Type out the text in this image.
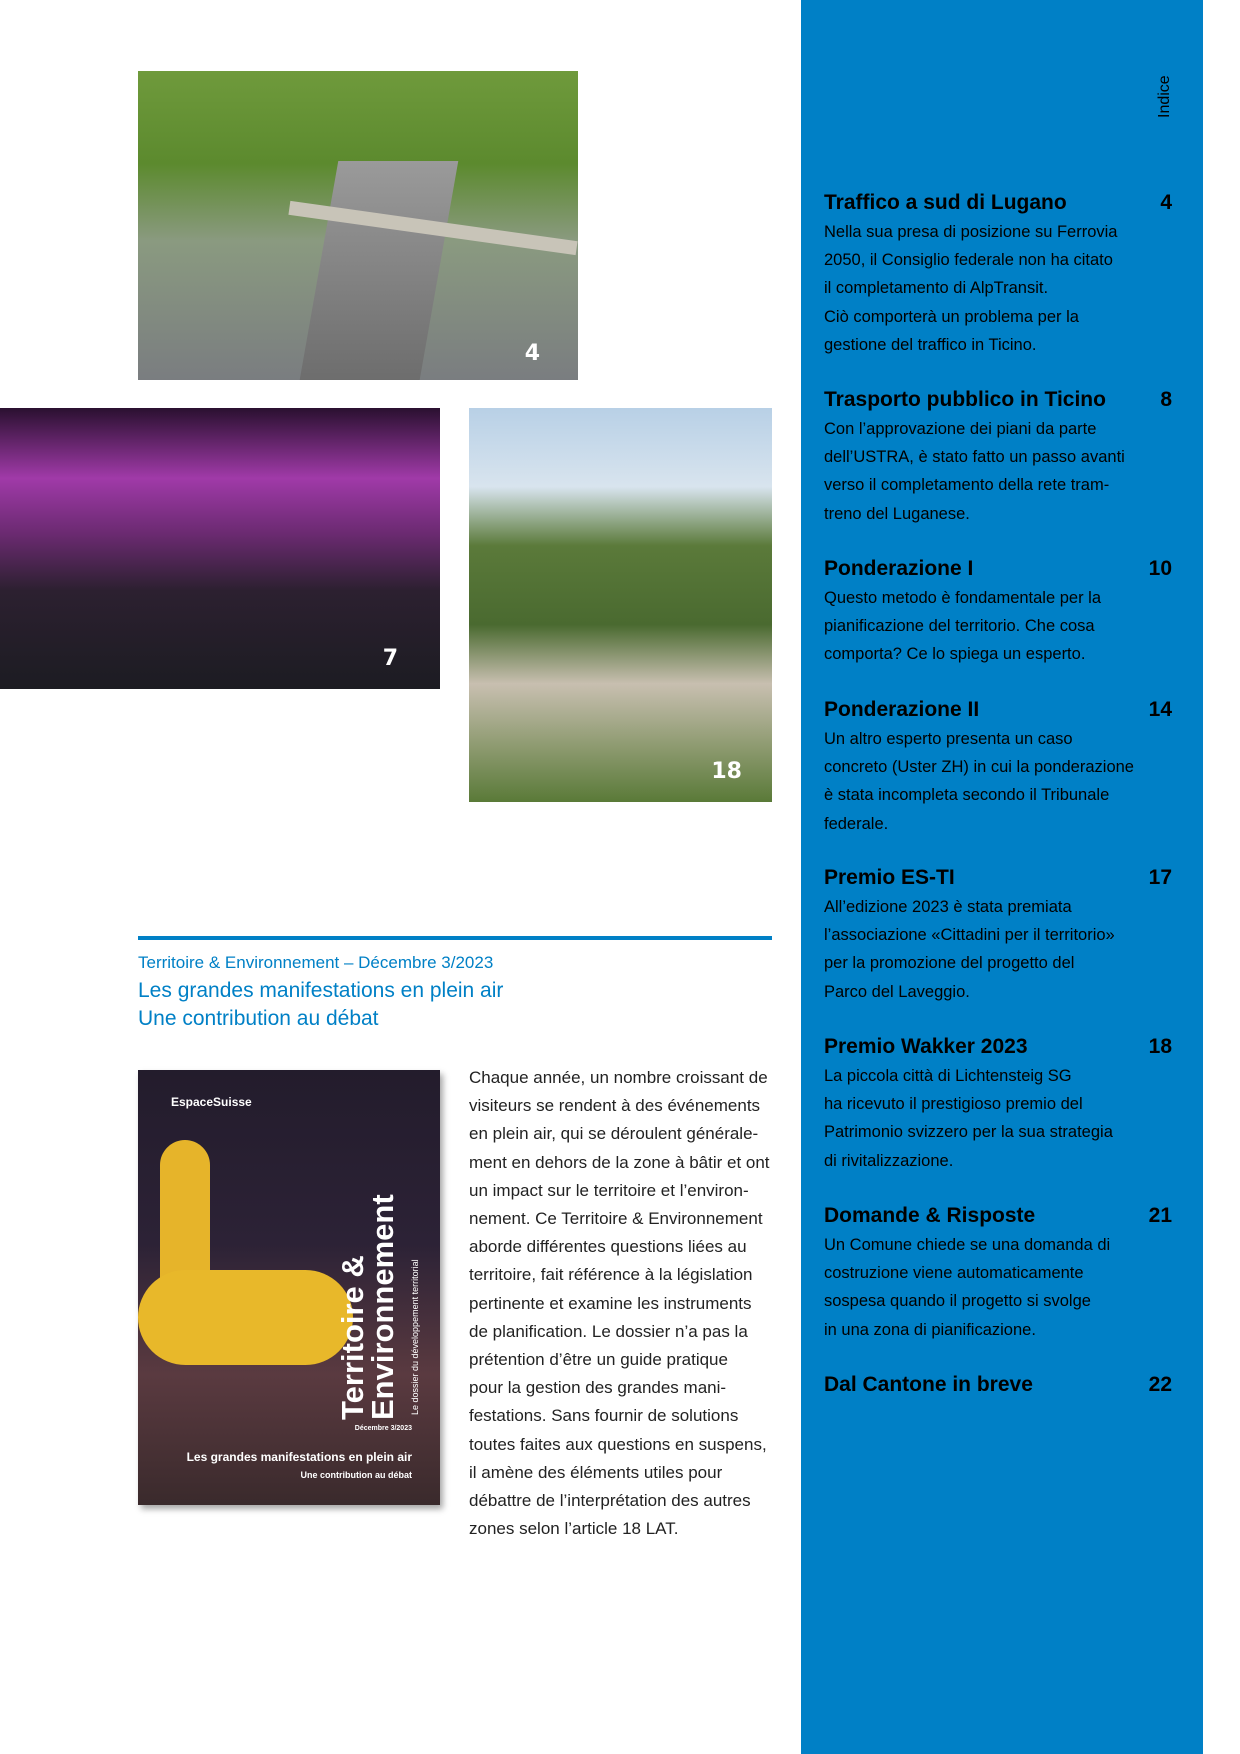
4
7
18
Territoire & Environnement – Décembre 3/2023
Les grandes manifestations en plein air
Une contribution au débat
EspaceSuisse
Territoire &
Environnement Le dossier du développement territorial
Décembre 3/2023
Les grandes manifestations en plein air
Une contribution au débat
Chaque année, un nombre croissant de
visiteurs se rendent à des événements
en plein air, qui se déroulent générale-
ment en dehors de la zone à bâtir et ont
un impact sur le territoire et l’environ-
nement. Ce Territoire & Environnement
aborde différentes questions liées au
territoire, fait référence à la législation
pertinente et examine les instruments
de planification. Le dossier n’a pas la
prétention d’être un guide pratique
pour la gestion des grandes mani-
festations. Sans fournir de solutions
toutes faites aux questions en suspens,
il amène des éléments utiles pour
débattre de l’interprétation des autres
zones selon l’article 18 LAT.
Indice
Traffico a sud di Lugano	4
Nella sua presa di posizione su Ferrovia
2050, il Consiglio federale non ha citato
il completamento di AlpTransit.
Ciò comporterà un problema per la
gestione del traffico in Ticino.
Trasporto pubblico in Ticino	8
Con l’approvazione dei piani da parte
dell’USTRA, è stato fatto un passo avanti
verso il completamento della rete tram-
treno del Luganese.
Ponderazione I	10
Questo metodo è fondamentale per la
pianificazione del territorio. Che cosa
comporta? Ce lo spiega un esperto.
Ponderazione II	14
Un altro esperto presenta un caso
concreto (Uster ZH) in cui la ponderazione
è stata incompleta secondo il Tribunale
federale.
Premio ES-TI	17
All’edizione 2023 è stata premiata
l’associazione «Cittadini per il territorio»
per la promozione del progetto del
Parco del Laveggio.
Premio Wakker 2023	18
La piccola città di Lichtensteig SG
ha ricevuto il prestigioso premio del
Patrimonio svizzero per la sua strategia
di rivitalizzazione.
Domande & Risposte	21
Un Comune chiede se una domanda di
costruzione viene automaticamente
sospesa quando il progetto si svolge
in una zona di pianificazione.
Dal Cantone in breve	22
